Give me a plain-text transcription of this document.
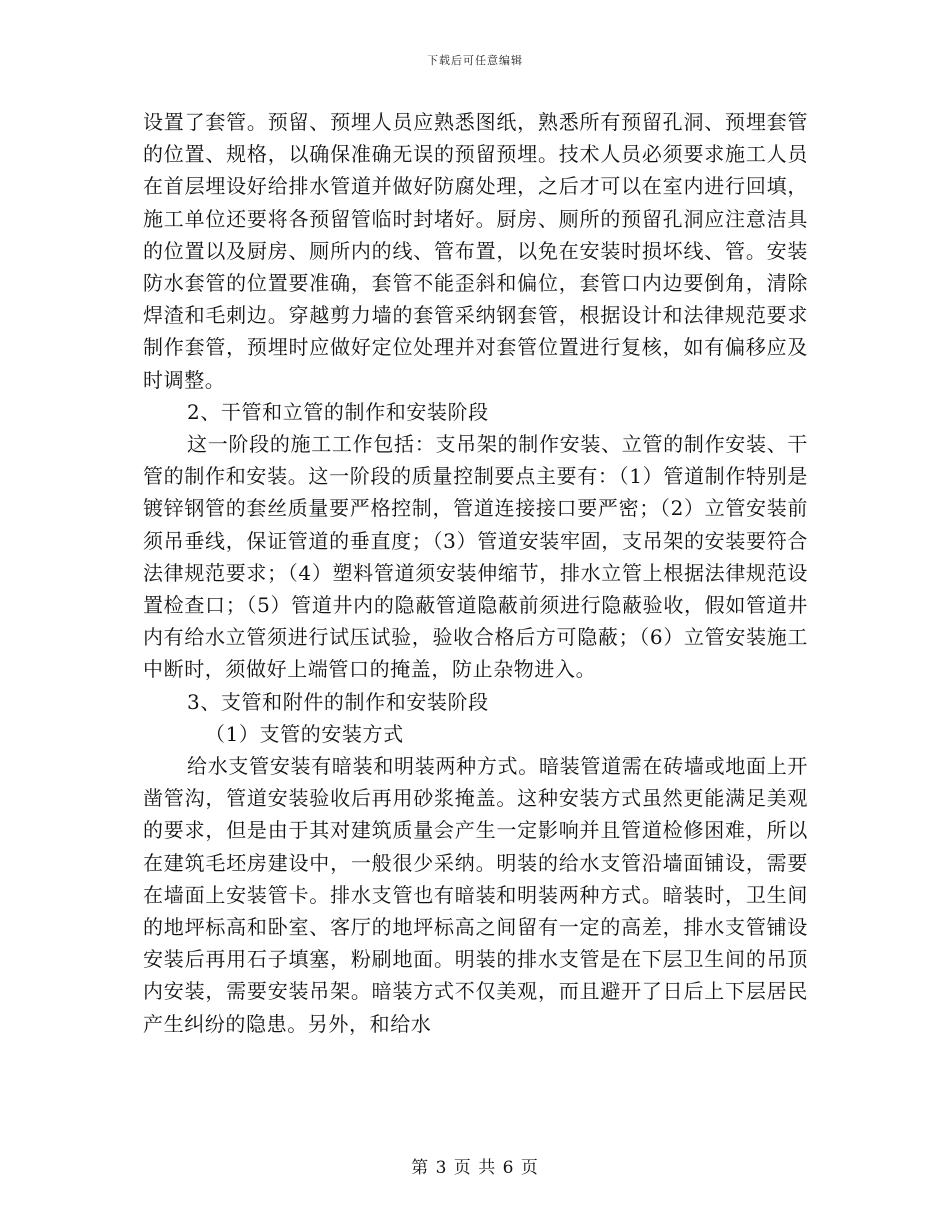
下载后可任意编辑

设置了套管。预留、预埋人员应熟悉图纸，熟悉所有预留孔洞、预埋套管的位置、规格，以确保准确无误的预留预埋。技术人员必须要求施工人员在首层埋设好给排水管道并做好防腐处理，之后才可以在室内进行回填，施工单位还要将各预留管临时封堵好。厨房、厕所的预留孔洞应注意洁具的位置以及厨房、厕所内的线、管布置，以免在安装时损坏线、管。安装防水套管的位置要准确，套管不能歪斜和偏位，套管口内边要倒角，清除焊渣和毛刺边。穿越剪力墙的套管采纳钢套管，根据设计和法律规范要求制作套管，预埋时应做好定位处理并对套管位置进行复核，如有偏移应及时调整。

2、干管和立管的制作和安装阶段

这一阶段的施工工作包括：支吊架的制作安装、立管的制作安装、干管的制作和安装。这一阶段的质量控制要点主要有：（1）管道制作特别是镀锌钢管的套丝质量要严格控制，管道连接接口要严密；（2）立管安装前须吊垂线，保证管道的垂直度；（3）管道安装牢固，支吊架的安装要符合法律规范要求；（4）塑料管道须安装伸缩节，排水立管上根据法律规范设置检查口；（5）管道井内的隐蔽管道隐蔽前须进行隐蔽验收，假如管道井内有给水立管须进行试压试验，验收合格后方可隐蔽；（6）立管安装施工中断时，须做好上端管口的掩盖，防止杂物进入。

3、支管和附件的制作和安装阶段

（1）支管的安装方式

给水支管安装有暗装和明装两种方式。暗装管道需在砖墙或地面上开凿管沟，管道安装验收后再用砂浆掩盖。这种安装方式虽然更能满足美观的要求，但是由于其对建筑质量会产生一定影响并且管道检修困难，所以在建筑毛坯房建设中，一般很少采纳。明装的给水支管沿墙面铺设，需要在墙面上安装管卡。排水支管也有暗装和明装两种方式。暗装时，卫生间的地坪标高和卧室、客厅的地坪标高之间留有一定的高差，排水支管铺设安装后再用石子填塞，粉刷地面。明装的排水支管是在下层卫生间的吊顶内安装，需要安装吊架。暗装方式不仅美观，而且避开了日后上下层居民产生纠纷的隐患。另外，和给水

第 3 页 共 6 页
